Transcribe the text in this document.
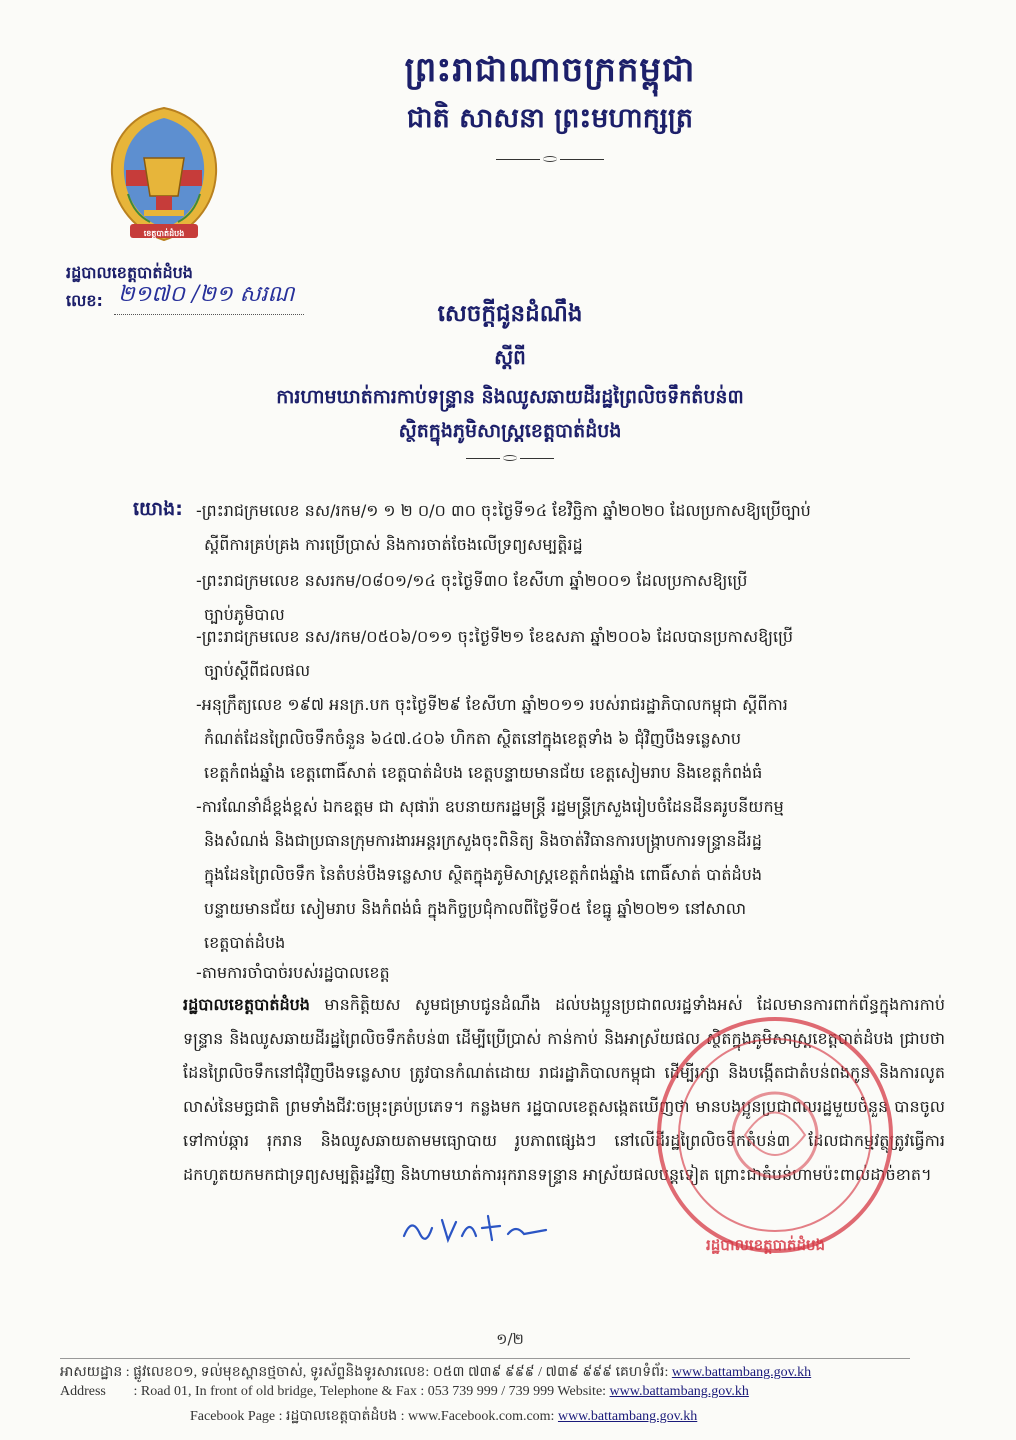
ព្រះរាជាណាចក្រកម្ពុជា
ជាតិ សាសនា ព្រះមហាក្សត្រ
ខេត្តបាត់ដំបង
រដ្ឋបាលខេត្តបាត់ដំបង
លេខ: ២១៧០ /២១ សរណ
សេចក្តីជូនដំណឹង
ស្តីពី
ការហាមឃាត់ការកាប់ទន្ទ្រាន និងឈូសឆាយដីរដ្ឋព្រៃលិចទឹកតំបន់៣
ស្ថិតក្នុងភូមិសាស្រ្តខេត្តបាត់ដំបង
យោង: -ព្រះរាជក្រមលេខ នស/រកម/១ ១ ២ ០/០ ៣០ ចុះថ្ងៃទី១៤ ខែវិច្ឆិកា ឆ្នាំ២០២០ ដែលប្រកាសឱ្យប្រើច្បាប់
ស្តីពីការគ្រប់គ្រង ការប្រើប្រាស់ និងការចាត់ចែងលើទ្រព្យសម្បត្តិរដ្ឋ
-ព្រះរាជក្រមលេខ នសរកម/០៨០១/១៤ ចុះថ្ងៃទី៣០ ខែសីហា ឆ្នាំ២០០១ ដែលប្រកាសឱ្យប្រើ
ច្បាប់ភូមិបាល
-ព្រះរាជក្រមលេខ នស/រកម/០៥០៦/០១១ ចុះថ្ងៃទី២១ ខែឧសភា ឆ្នាំ២០០៦ ដែលបានប្រកាសឱ្យប្រើ
ច្បាប់ស្តីពីជលផល
-អនុក្រឹត្យលេខ ១៩៧ អនក្រ.បក ចុះថ្ងៃទី២៩ ខែសីហា ឆ្នាំ២០១១ របស់រាជរដ្ឋាភិបាលកម្ពុជា ស្តីពីការ
កំណត់ដែនព្រៃលិចទឹកចំនួន ៦៤៧.៤០៦ ហិកតា ស្ថិតនៅក្នុងខេត្តទាំង ៦ ជុំវិញបឹងទន្លេសាប
ខេត្តកំពង់ឆ្នាំង ខេត្តពោធិ៍សាត់ ខេត្តបាត់ដំបង ខេត្តបន្ទាយមានជ័យ ខេត្តសៀមរាប និងខេត្តកំពង់ធំ
-ការណែនាំដ៏ខ្ពង់ខ្ពស់ ឯកឧត្តម ជា សុផារ៉ា ឧបនាយករដ្ឋមន្រ្តី រដ្ឋមន្រ្តីក្រសួងរៀបចំដែនដីនគរូបនីយកម្ម
និងសំណង់ និងជាប្រធានក្រុមការងារអន្តរក្រសួងចុះពិនិត្យ និងចាត់វិធានការបង្រ្កាបការទន្ទ្រានដីរដ្ឋ
ក្នុងដែនព្រៃលិចទឹក នៃតំបន់បឹងទន្លេសាប ស្ថិតក្នុងភូមិសាស្រ្តខេត្តកំពង់ឆ្នាំង ពោធិ៍សាត់ បាត់ដំបង
បន្ទាយមានជ័យ សៀមរាប និងកំពង់ធំ ក្នុងកិច្ចប្រជុំកាលពីថ្ងៃទី០៥ ខែធ្នូ ឆ្នាំ២០២១ នៅសាលា
ខេត្តបាត់ដំបង
-តាមការចាំបាច់របស់រដ្ឋបាលខេត្ត
រដ្ឋបាលខេត្តបាត់ដំបង មានកិត្តិយស សូមជម្រាបជូនដំណឹង ដល់បងប្អូនប្រជាពលរដ្ឋទាំងអស់ ដែលមានការពាក់ព័ន្ធក្នុងការកាប់ទន្ទ្រាន និងឈូសឆាយដីរដ្ឋព្រៃលិចទឹកតំបន់៣ ដើម្បីប្រើប្រាស់ កាន់កាប់ និងអាស្រ័យផល ស្ថិតក្នុងភូមិសាស្រ្តខេត្តបាត់ដំបង ជ្រាបថា ដែនព្រៃលិចទឹកនៅជុំវិញបឹងទន្លេសាប ត្រូវបានកំណត់ដោយ រាជរដ្ឋាភិបាលកម្ពុជា ដើម្បីរក្សា និងបង្កើតជាតំបន់ពងកូន និងការលូតលាស់នៃមច្ឆជាតិ ព្រមទាំងជីវៈចម្រុះគ្រប់ប្រភេទ។ កន្លងមក រដ្ឋបាលខេត្តសង្កេតឃើញថា មានបងប្អូនប្រជាពលរដ្ឋមួយចំនួន បានចូលទៅកាប់ឆ្ការ រុករាន និងឈូសឆាយតាមមធ្យោបាយ រូបភាពផ្សេងៗ នៅលើដីរដ្ឋព្រៃលិចទឹកតំបន់៣ ដែលជាកម្មវត្ថុត្រូវធ្វើការដកហូតយកមកជាទ្រព្យសម្បត្តិរដ្ឋវិញ និងហាមឃាត់ការរុករានទន្ទ្រាន អាស្រ័យផលបន្តទៀត ព្រោះជាតំបន់ហាមប៉ះពាល់ដាច់ខាត។
រដ្ឋបាលខេត្តបាត់ដំបង
១/២
អាសយដ្ឋាន : ផ្លូវលេខ០១, ទល់មុខស្ពានថ្មចាស់, ទូរស័ព្ទនិងទូរសារលេខ: ០៥៣ ៧៣៩ ៩៩៩ / ៧៣៩ ៩៩៩ គេហទំព័រ: www.battambang.gov.kh
Address : Road 01, In front of old bridge, Telephone & Fax : 053 739 999 / 739 999 Website: www.battambang.gov.kh
Facebook Page : រដ្ឋបាលខេត្តបាត់ដំបង : www.Facebook.com.com: www.battambang.gov.kh
